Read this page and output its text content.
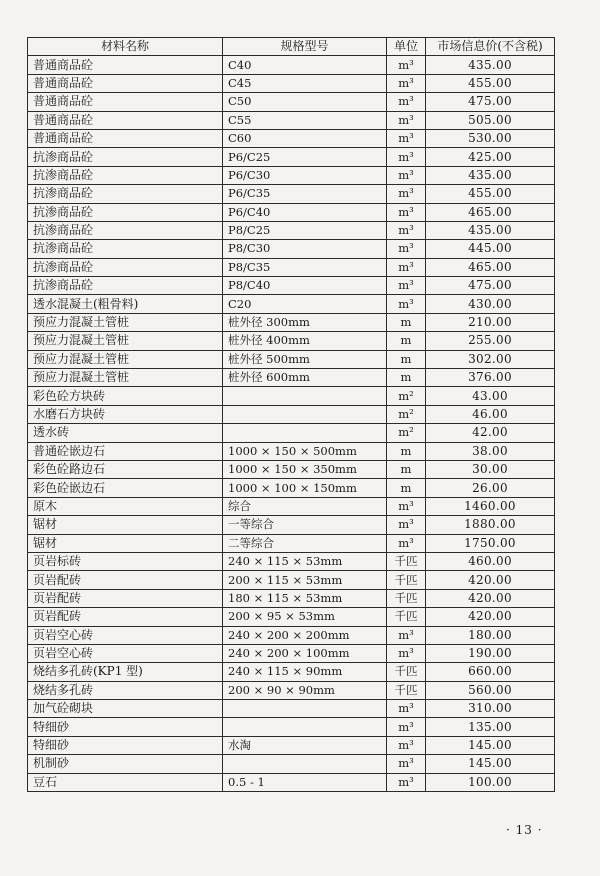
材料名称	规格型号	单位	市场信息价(不含税)
普通商品砼	C40	m³	435.00
普通商品砼	C45	m³	455.00
普通商品砼	C50	m³	475.00
普通商品砼	C55	m³	505.00
普通商品砼	C60	m³	530.00
抗渗商品砼	P6/C25	m³	425.00
抗渗商品砼	P6/C30	m³	435.00
抗渗商品砼	P6/C35	m³	455.00
抗渗商品砼	P6/C40	m³	465.00
抗渗商品砼	P8/C25	m³	435.00
抗渗商品砼	P8/C30	m³	445.00
抗渗商品砼	P8/C35	m³	465.00
抗渗商品砼	P8/C40	m³	475.00
透水混凝土(粗骨料)	C20	m³	430.00
预应力混凝土管桩	桩外径 300mm	m	210.00
预应力混凝土管桩	桩外径 400mm	m	255.00
预应力混凝土管桩	桩外径 500mm	m	302.00
预应力混凝土管桩	桩外径 600mm	m	376.00
彩色砼方块砖		m²	43.00
水磨石方块砖		m²	46.00
透水砖		m²	42.00
普通砼嵌边石	1000 × 150 × 500mm	m	38.00
彩色砼路边石	1000 × 150 × 350mm	m	30.00
彩色砼嵌边石	1000 × 100 × 150mm	m	26.00
原木	综合	m³	1460.00
锯材	一等综合	m³	1880.00
锯材	二等综合	m³	1750.00
页岩标砖	240 × 115 × 53mm	千匹	460.00
页岩配砖	200 × 115 × 53mm	千匹	420.00
页岩配砖	180 × 115 × 53mm	千匹	420.00
页岩配砖	200 × 95 × 53mm	千匹	420.00
页岩空心砖	240 × 200 × 200mm	m³	180.00
页岩空心砖	240 × 200 × 100mm	m³	190.00
烧结多孔砖(KP1 型)	240 × 115 × 90mm	千匹	660.00
烧结多孔砖	200 × 90 × 90mm	千匹	560.00
加气砼砌块		m³	310.00
特细砂		m³	135.00
特细砂	水淘	m³	145.00
机制砂		m³	145.00
豆石	0.5 - 1	m³	100.00
· 13 ·
